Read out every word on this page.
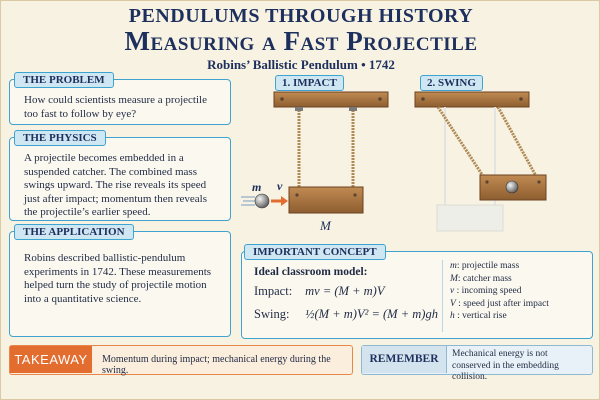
PENDULUMS THROUGH HISTORY
Measuring a Fast Projectile
Robins’ Ballistic Pendulum • 1742
THE PROBLEM
How could scientists measure a projectile too fast to follow by eye?
THE PHYSICS
A projectile becomes embedded in a suspended catcher. The combined mass swings upward. The rise reveals its speed just after impact; momentum then reveals the projectile’s earlier speed.
THE APPLICATION
Robins described ballistic-pendulum experiments in 1742. These measurements helped turn the study of projectile motion into a quantitative science.
m v
M
1. IMPACT	2. SWING
IMPORTANT CONCEPT
Ideal classroom model:
Impact: mv = (M + m)V
Swing: ½(M + m)V² = (M + m)gh
m: projectile mass
M: catcher mass
v : incoming speed
V : speed just after impact
h : vertical rise
TAKEAWAY	Momentum during impact; mechanical energy during the swing.
REMEMBER	Mechanical energy is not conserved in the embedding collision.
